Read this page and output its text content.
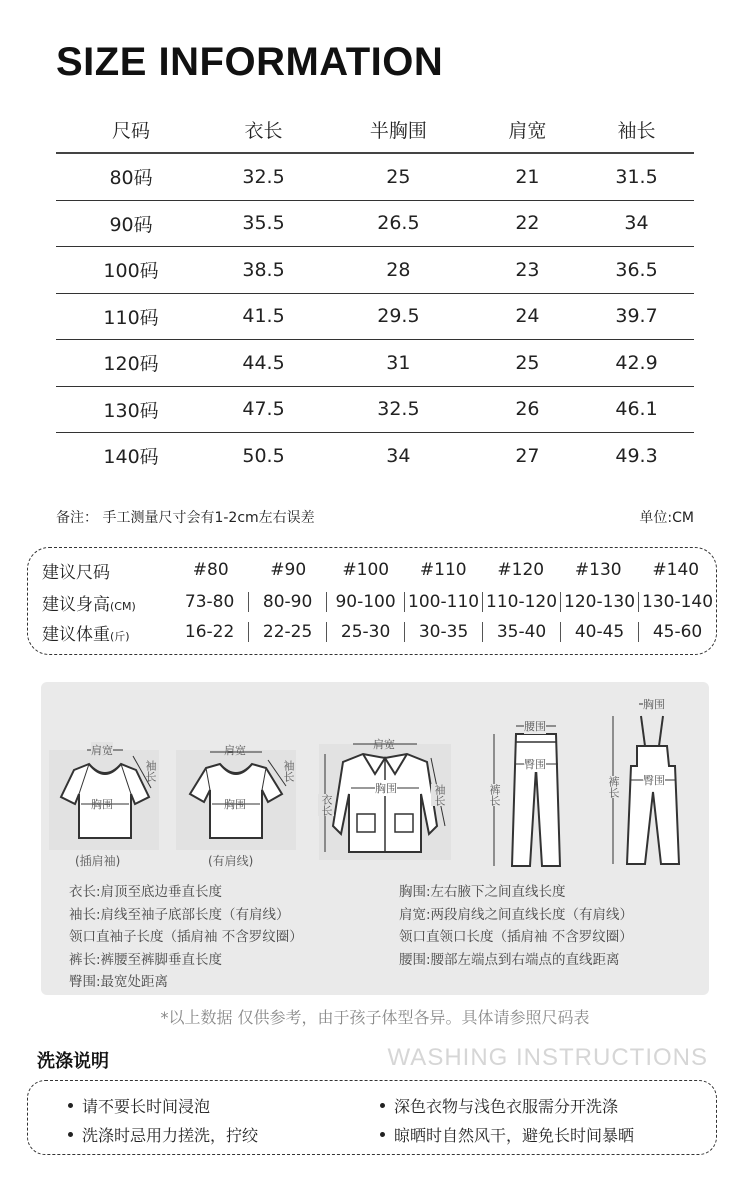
SIZE INFORMATION
尺码	衣长	半胸围	肩宽	袖长
80码	32.5	25	21	31.5
90码	35.5	26.5	22	34
100码	38.5	28	23	36.5
110码	41.5	29.5	24	39.7
120码	44.5	31	25	42.9
130码	47.5	32.5	26	46.1
140码	50.5	34	27	49.3
备注： 手工测量尺寸会有1-2cm左右误差	单位:CM
建议尺码	#80	#90	#100	#110	#120	#130	#140
建议身高(CM)	73-80	80-90	90-100 100-110 110-120 120-130 130-140
建议体重(斤)	16-22	22-25	25-30	30-35	35-40	40-45	45-60
肩宽
袖长
胸围
(插肩袖)
肩宽
袖长
胸围
(有肩线)
肩宽
胸围
衣长	袖长
腰围
臀围
裤长
胸围
臀围
裤长
衣长:肩顶至底边垂直长度
袖长:肩线至袖子底部长度（有肩线）
领口直袖子长度（插肩袖 不含罗纹圈）
裤长:裤腰至裤脚垂直长度
臀围:最宽处距离
胸围:左右腋下之间直线长度
肩宽:两段肩线之间直线长度（有肩线）
领口直领口长度（插肩袖 不含罗纹圈）
腰围:腰部左端点到右端点的直线距离
*以上数据 仅供参考，由于孩子体型各异。具体请参照尺码表
洗涤说明	WASHING INSTRUCTIONS
请不要长时间浸泡	深色衣物与浅色衣服需分开洗涤
洗涤时忌用力搓洗，拧绞	晾晒时自然风干，避免长时间暴晒
